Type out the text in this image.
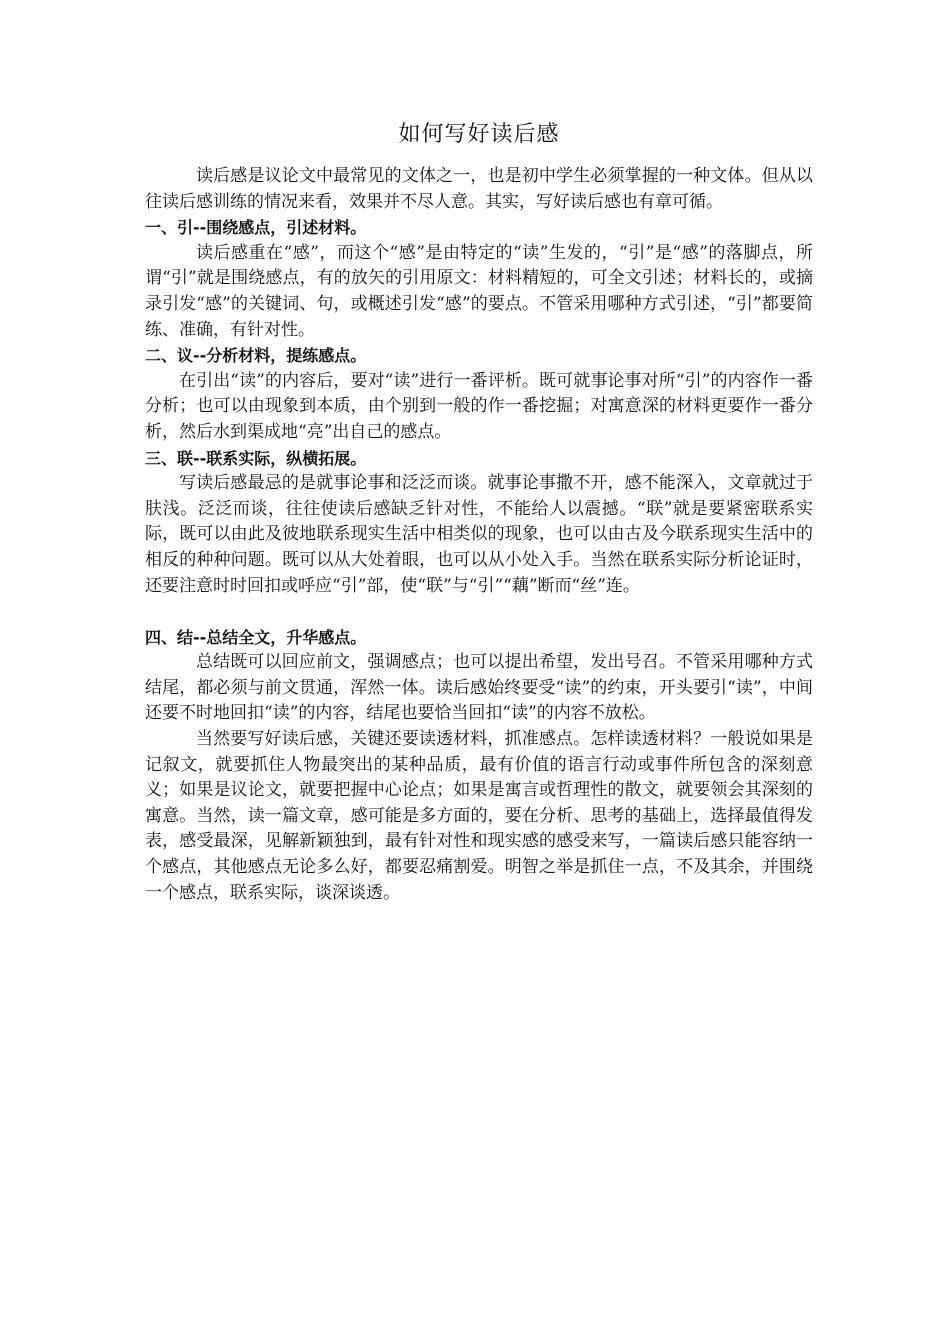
如何写好读后感

读后感是议论文中最常见的文体之一，也是初中学生必须掌握的一种文体。但从以往读后感训练的情况来看，效果并不尽人意。其实，写好读后感也有章可循。

一、引--围绕感点，引述材料。

读后感重在“感”，而这个“感”是由特定的“读”生发的，“引”是“感”的落脚点，所谓“引”就是围绕感点，有的放矢的引用原文：材料精短的，可全文引述；材料长的，或摘录引发“感”的关键词、句，或概述引发“感”的要点。不管采用哪种方式引述，“引”都要简练、准确，有针对性。

二、议--分析材料，提练感点。

在引出“读”的内容后，要对“读”进行一番评析。既可就事论事对所“引”的内容作一番分析；也可以由现象到本质，由个别到一般的作一番挖掘；对寓意深的材料更要作一番分析，然后水到渠成地“亮”出自己的感点。

三、联--联系实际，纵横拓展。

写读后感最忌的是就事论事和泛泛而谈。就事论事撒不开，感不能深入，文章就过于肤浅。泛泛而谈，往往使读后感缺乏针对性，不能给人以震撼。“联”就是要紧密联系实际，既可以由此及彼地联系现实生活中相类似的现象，也可以由古及今联系现实生活中的相反的种种问题。既可以从大处着眼，也可以从小处入手。当然在联系实际分析论证时，还要注意时时回扣或呼应“引”部，使“联”与“引”“藕”断而“丝”连。

四、结--总结全文，升华感点。

总结既可以回应前文，强调感点；也可以提出希望，发出号召。不管采用哪种方式结尾，都必须与前文贯通，浑然一体。读后感始终要受“读”的约束，开头要引“读”，中间还要不时地回扣“读”的内容，结尾也要恰当回扣“读”的内容不放松。

当然要写好读后感，关键还要读透材料，抓准感点。怎样读透材料？一般说如果是记叙文，就要抓住人物最突出的某种品质，最有价值的语言行动或事件所包含的深刻意义；如果是议论文，就要把握中心论点；如果是寓言或哲理性的散文，就要领会其深刻的寓意。当然，读一篇文章，感可能是多方面的，要在分析、思考的基础上，选择最值得发表，感受最深，见解新颖独到，最有针对性和现实感的感受来写，一篇读后感只能容纳一个感点，其他感点无论多么好，都要忍痛割爱。明智之举是抓住一点，不及其余，并围绕一个感点，联系实际，谈深谈透。
